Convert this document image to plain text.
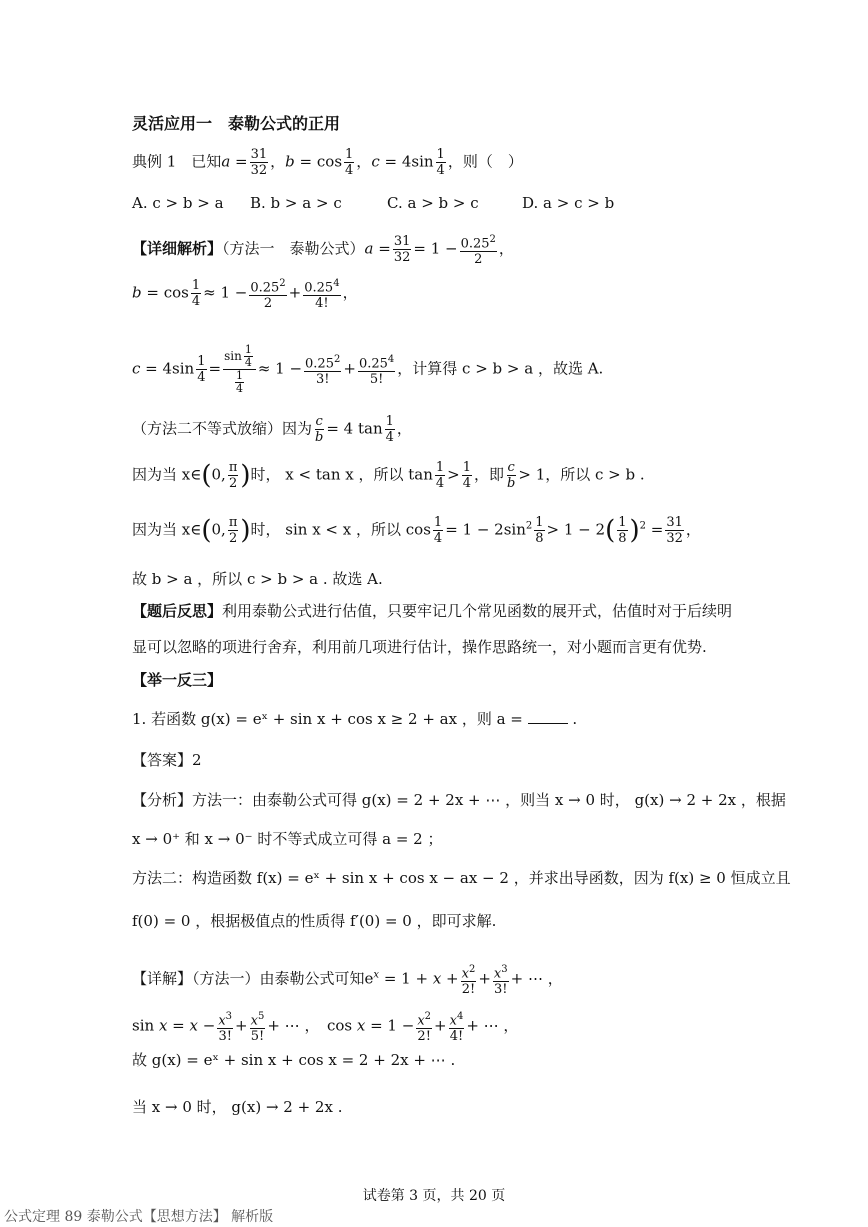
灵活应用一　泰勒公式的正用
典例 1　已知$a = \frac{31}{32}$ ，$b = \cos \frac{1}{4}$ ，$c = 4\sin \frac{1}{4}$ ，则（　）
A. c > b > a B. b > a > c	C. a > b > c	D. a > c > b
【详细解析】（方法一　泰勒公式）$a = \frac{31}{32} = 1 - \frac{0.25^2}{2}$ ，
$b = \cos \frac{1}{4} \approx 1 - \frac{0.25^2}{2} + \frac{0.25^4}{4!}$ ，
$c = 4\sin \frac{1}{4} = \frac{\sin \frac{1}{4}}{\frac{1}{4}} \approx 1 - \frac{0.25^2}{3!} + \frac{0.25^4}{5!}$ ，计算得 c > b > a ，故选 A.
（方法二不等式放缩）因为 $\frac{c}{b} = 4$ $\tan \frac{1}{4}$ ，
因为当 x∈(0, $\frac{\pi}{2}$ )时， x < tan x ，所以 $\tan \frac{1}{4} > \frac{1}{4}$ ，即 $\frac{c}{b} > 1$，所以 c > b .
因为当 x∈(0, $\frac{\pi}{2}$ )时， sin x < x ，所以 $\cos \frac{1}{4} = 1 - 2\sin^2 \frac{1}{8} > 1 - 2( \frac{1}{8} )^2 = \frac{31}{32}$ ，
故 b > a ，所以 c > b > a . 故选 A.
【题后反思】利用泰勒公式进行估值，只要牢记几个常见函数的展开式，估值时对于后续明
显可以忽略的项进行舍弃，利用前几项进行估计，操作思路统一，对小题而言更有优势.
【举一反三】
1. 若函数 g(x) = eˣ + sin x + cos x ≥ 2 + ax ，则 a =	.
【答案】2
【分析】方法一：由泰勒公式可得 g(x) = 2 + 2x + ⋯ ，则当 x → 0 时， g(x) → 2 + 2x ，根据
x → 0⁺ 和 x → 0⁻ 时不等式成立可得 a = 2 ；
方法二：构造函数 f(x) = eˣ + sin x + cos x − ax − 2 ，并求出导函数，因为 f(x) ≥ 0 恒成立且
f(0) = 0 ，根据极值点的性质得 f′(0) = 0 ，即可求解.
【详解】（方法一）由泰勒公式可知$e^x = 1 + x + \frac{x^2}{2!} + \frac{x^3}{3!}$ + ⋯ ，
$\sin x = x - \frac{x^3}{3!} + \frac{x^5}{5!}$ + ⋯ ，　$\cos x = 1 - \frac{x^2}{2!} + \frac{x^4}{4!}$ + ⋯ ，
故 g(x) = eˣ + sin x + cos x = 2 + 2x + ⋯ .
当 x → 0 时， g(x) → 2 + 2x .
试卷第 3 页，共 20 页
公式定理 89 泰勒公式【思想方法】 解析版
